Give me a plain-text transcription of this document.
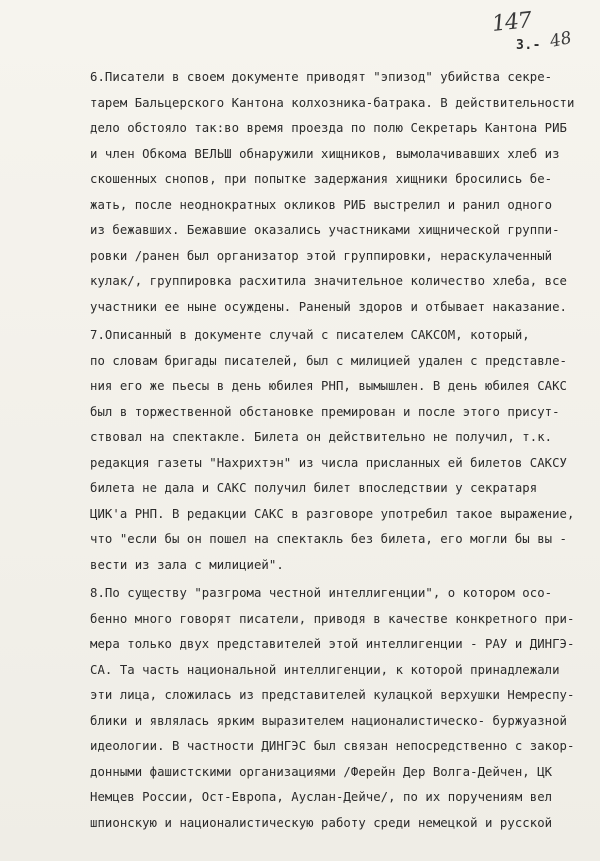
147
48
3.-
6.Писатели в своем документе приводят "эпизод" убийства секре-
тарем Бальцерского Кантона колхозника-батрака. В действительности
дело обстояло так:во время проезда по полю Секретарь Кантона РИБ
и член Обкома ВЕЛЬШ обнаружили хищников, вымолачивавших хлеб из
скошенных снопов, при попытке задержания хищники бросились бе-
жать, после неоднократных окликов РИБ выстрелил и ранил одного
из бежавших. Бежавшие оказались участниками хищнической группи-
ровки /ранен был организатор этой группировки, нераскулаченный
кулак/, группировка расхитила значительное количество хлеба, все
участники ее ныне осуждены. Раненый здоров и отбывает наказание.
7.Описанный в документе случай с писателем САКСОМ, который,
по словам бригады писателей, был с милицией удален с представле-
ния его же пьесы в день юбилея РНП, вымышлен. В день юбилея САКС
был в торжественной обстановке премирован и после этого присут-
ствовал на спектакле. Билета он действительно не получил, т.к.
редакция газеты "Нахрихтэн" из числа присланных ей билетов САКСУ
билета не дала и САКС получил билет впоследствии у секратаря
ЦИК'а РНП. В редакции САКС в разговоре употребил такое выражение,
что "если бы он пошел на спектакль без билета, его могли бы вы -
вести из зала с милицией".
8.По существу "разгрома честной интеллигенции", о котором осо-
бенно много говорят писатели, приводя в качестве конкретного при-
мера только двух представителей этой интеллигенции - РАУ и ДИНГЭ-
СА. Та часть национальной интеллигенции, к которой принадлежали
эти лица, сложилась из представителей кулацкой верхушки Немреспу-
блики и являлась ярким выразителем националистическо- буржуазной
идеологии. В частности ДИНГЭС был связан непосредственно с закор-
донными фашистскими организациями /Ферейн Дер Волга-Дейчен, ЦК
Немцев России, Ост-Европа, Ауслан-Дейче/, по их поручениям вел
шпионскую и националистическую работу среди немецкой и русской
